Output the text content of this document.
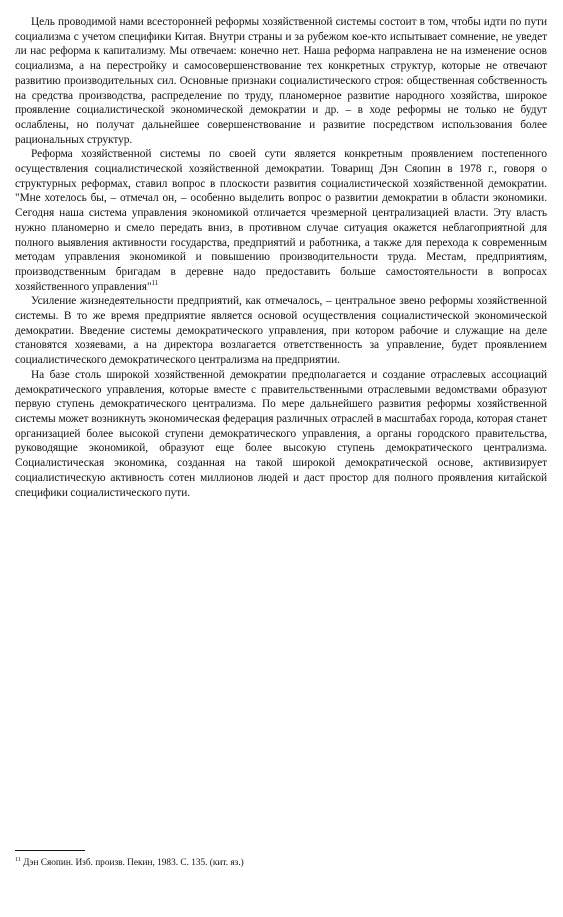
Цель проводимой нами всесторонней реформы хозяйственной системы состоит в том, чтобы идти по пути социализма с учетом специфики Китая. Внутри страны и за рубежом кое-кто испытывает сомнение, не уведет ли нас реформа к капитализму. Мы отвечаем: конечно нет. Наша реформа направлена не на изменение основ социализма, а на перестройку и самосовершенствование тех конкретных структур, которые не отвечают развитию производительных сил. Основные признаки социалистического строя: общественная собственность на средства производства, распределение по труду, планомерное развитие народного хозяйства, широкое проявление социалистической экономической демократии и др. – в ходе реформы не только не будут ослаблены, но получат дальнейшее совершенствование и развитие посредством использования более рациональных структур.

Реформа хозяйственной системы по своей сути является конкретным проявлением постепенного осуществления социалистической хозяйственной демократии. Товарищ Дэн Сяопин в 1978 г., говоря о структурных реформах, ставил вопрос в плоскости развития социалистической хозяйственной демократии. "Мне хотелось бы, – отмечал он, – особенно выделить вопрос о развитии демократии в области экономики. Сегодня наша система управления экономикой отличается чрезмерной централизацией власти. Эту власть нужно планомерно и смело передать вниз, в противном случае ситуация окажется неблагоприятной для полного выявления активности государства, предприятий и работника, а также для перехода к современным методам управления экономикой и повышению производительности труда. Местам, предприятиям, производственным бригадам в деревне надо предоставить больше самостоятельности в вопросах хозяйственного управления"$^{11}$

Усиление жизнедеятельности предприятий, как отмечалось, – центральное звено реформы хозяйственной системы. В то же время предприятие является основой осуществления социалистической экономической демократии. Введение системы демократического управления, при котором рабочие и служащие на деле становятся хозяевами, а на директора возлагается ответственность за управление, будет проявлением социалистического демократического централизма на предприятии.

На базе столь широкой хозяйственной демократии предполагается и создание отраслевых ассоциаций демократического управления, которые вместе с правительственными отраслевыми ведомствами образуют первую ступень демократического централизма. По мере дальнейшего развития реформы хозяйственной системы может возникнуть экономическая федерация различных отраслей в масштабах города, которая станет организацией более высокой ступени демократического управления, а органы городского правительства, руководящие экономикой, образуют еще более высокую ступень демократического централизма. Социалистическая экономика, созданная на такой широкой демократической основе, активизирует социалистическую активность сотен миллионов людей и даст простор для полного проявления китайской специфики социалистического пути.

$^{11}$ Дэн Сяопин. Изб. произв. Пекин, 1983. С. 135. (кит. яз.)
